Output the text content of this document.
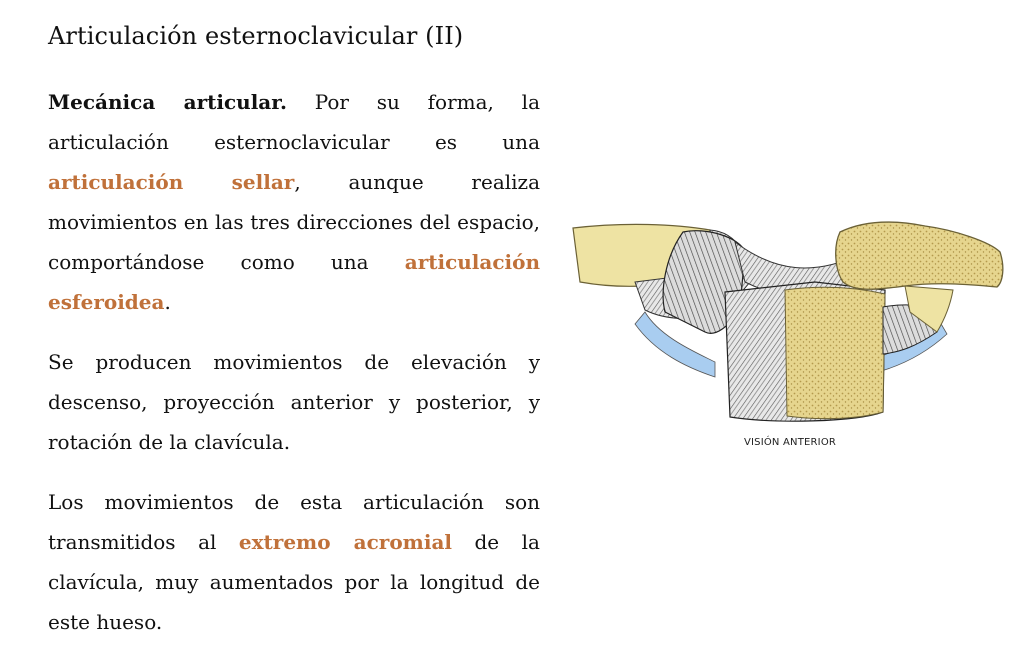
Articulación esternoclavicular (II)

Mecánica articular. Por su forma, la articulación esternoclavicular es una articulación sellar, aunque realiza movimientos en las tres direcciones del espacio, comportándose como una articulación esferoidea.

Se producen movimientos de elevación y descenso, proyección anterior y posterior, y rotación de la clavícula.

Los movimientos de esta articulación son transmitidos al extremo acromial de la clavícula, muy aumentados por la longitud de este hueso.

VISIÓN ANTERIOR
